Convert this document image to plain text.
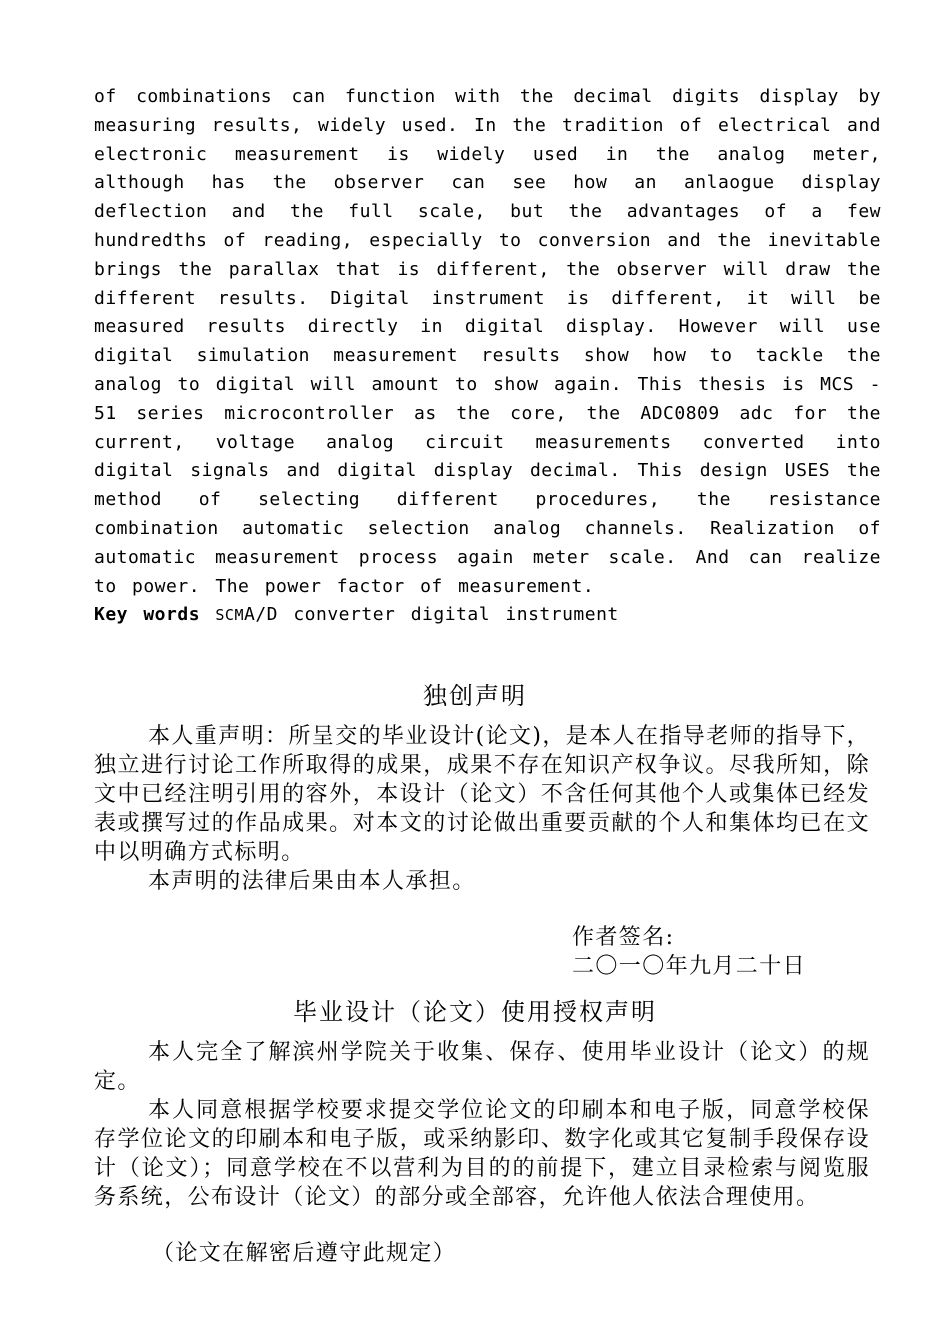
of combinations can function with the decimal digits display by measuring results, widely used. In the tradition of electrical and electronic measurement is widely used in the analog meter, although has the observer can see how an anlaogue display deflection and the full scale, but the advantages of a few hundredths of reading, especially to conversion and the inevitable brings the parallax that is different, the observer will draw the different results. Digital instrument is different, it will be measured results directly in digital display. However will use digital simulation measurement results show how to tackle the analog to digital will amount to show again. This thesis is MCS - 51 series microcontroller as the core, the ADC0809 adc for the current, voltage analog circuit measurements converted into digital signals and digital display decimal. This design USES the method of selecting different procedures, the resistance combination automatic selection analog channels. Realization of automatic measurement process again meter scale. And can realize to power. The power factor of measurement.

Key words SCMA/D converter digital instrument

独创声明

本人重声明：所呈交的毕业设计(论文)，是本人在指导老师的指导下，独立进行讨论工作所取得的成果，成果不存在知识产权争议。尽我所知，除文中已经注明引用的容外，本设计（论文）不含任何其他个人或集体已经发表或撰写过的作品成果。对本文的讨论做出重要贡献的个人和集体均已在文中以明确方式标明。

本声明的法律后果由本人承担。

作者签名:

二〇一〇年九月二十日

毕业设计（论文）使用授权声明

本人完全了解滨州学院关于收集、保存、使用毕业设计（论文）的规定。

本人同意根据学校要求提交学位论文的印刷本和电子版，同意学校保存学位论文的印刷本和电子版，或采纳影印、数字化或其它复制手段保存设计（论文）；同意学校在不以营利为目的的前提下，建立目录检索与阅览服务系统，公布设计（论文）的部分或全部容，允许他人依法合理使用。

（论文在解密后遵守此规定）
